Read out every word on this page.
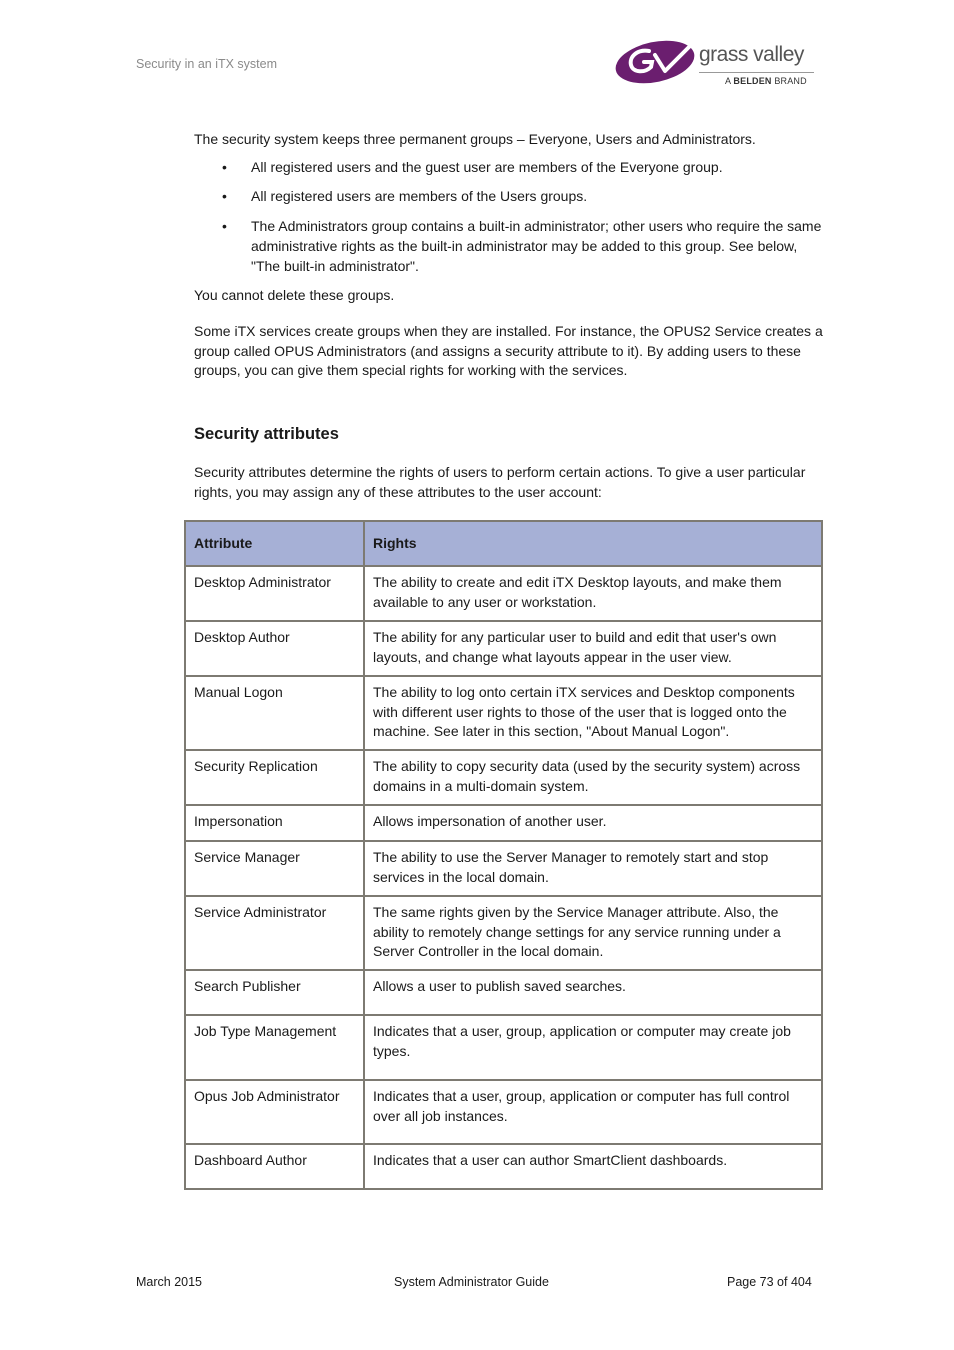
Security in an iTX system	grass valley
A BELDEN BRAND

The security system keeps three permanent groups – Everyone, Users and Administrators.

• All registered users and the guest user are members of the Everyone group.
• All registered users are members of the Users groups.
• The Administrators group contains a built-in administrator; other users who require the same administrative rights as the built-in administrator may be added to this group. See below, "The built-in administrator".

You cannot delete these groups.

Some iTX services create groups when they are installed. For instance, the OPUS2 Service creates a group called OPUS Administrators (and assigns a security attribute to it). By adding users to these groups, you can give them special rights for working with the services.

Security attributes

Security attributes determine the rights of users to perform certain actions. To give a user particular rights, you may assign any of these attributes to the user account:

Attribute	Rights
Desktop Administrator	The ability to create and edit iTX Desktop layouts, and make them available to any user or workstation.
Desktop Author	The ability for any particular user to build and edit that user's own layouts, and change what layouts appear in the user view.
Manual Logon	The ability to log onto certain iTX services and Desktop components with different user rights to those of the user that is logged onto the machine. See later in this section, "About Manual Logon".
Security Replication	The ability to copy security data (used by the security system) across domains in a multi-domain system.
Impersonation	Allows impersonation of another user.
Service Manager	The ability to use the Server Manager to remotely start and stop services in the local domain.
Service Administrator	The same rights given by the Service Manager attribute. Also, the ability to remotely change settings for any service running under a Server Controller in the local domain.
Search Publisher	Allows a user to publish saved searches.
Job Type Management	Indicates that a user, group, application or computer may create job types.
Opus Job Administrator	Indicates that a user, group, application or computer has full control over all job instances.
Dashboard Author	Indicates that a user can author SmartClient dashboards.
March 2015	System Administrator Guide	Page 73 of 404
